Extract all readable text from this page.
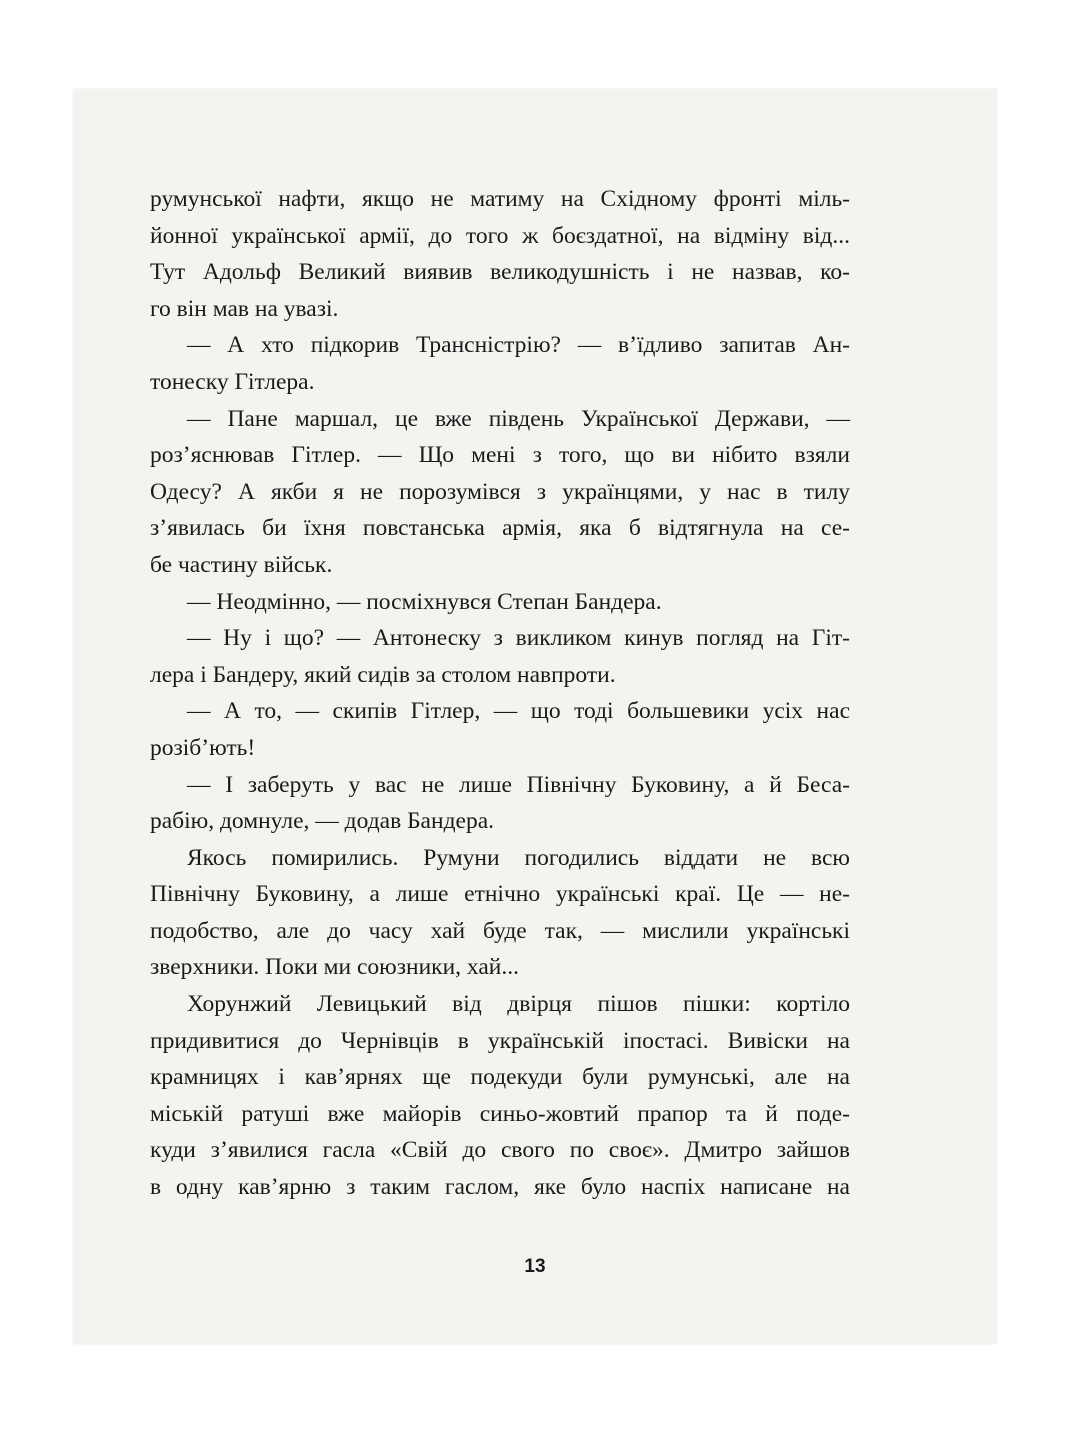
румунської нафти, якщо не матиму на Східному фронті міль-
йонної української армії, до того ж боєздатної, на відміну від...
Тут Адольф Великий виявив великодушність і не назвав, ко-
го він мав на увазі.
— А хто підкорив Трансністрію? — в’їдливо запитав Ан-
тонеску Гітлера.
— Пане маршал, це вже південь Української Держави, —
роз’яснював Гітлер. — Що мені з того, що ви нібито взяли
Одесу? А якби я не порозумівся з українцями, у нас в тилу
з’явилась би їхня повстанська армія, яка б відтягнула на се-
бе частину військ.
— Неодмінно, — посміхнувся Степан Бандера.
— Ну і що? — Антонеску з викликом кинув погляд на Гіт-
лера і Бандеру, який сидів за столом навпроти.
— А то, — скипів Гітлер, — що тоді большевики усіх нас
розіб’ють!
— І заберуть у вас не лише Північну Буковину, а й Беса-
рабію, домнуле, — додав Бандера.
Якось помирились. Румуни погодились віддати не всю
Північну Буковину, а лише етнічно українські краї. Це — не-
подобство, але до часу хай буде так, — мислили українські
зверхники. Поки ми союзники, хай...
Хорунжий Левицький від двірця пішов пішки: кортіло
придивитися до Чернівців в українській іпостасі. Вивіски на
крамницях і кав’ярнях ще подекуди були румунські, але на
міській ратуші вже майорів синьо-жовтий прапор та й поде-
куди з’явилися гасла «Свій до свого по своє». Дмитро зайшов
в одну кав’ярню з таким гаслом, яке було наспіх написане на
13
